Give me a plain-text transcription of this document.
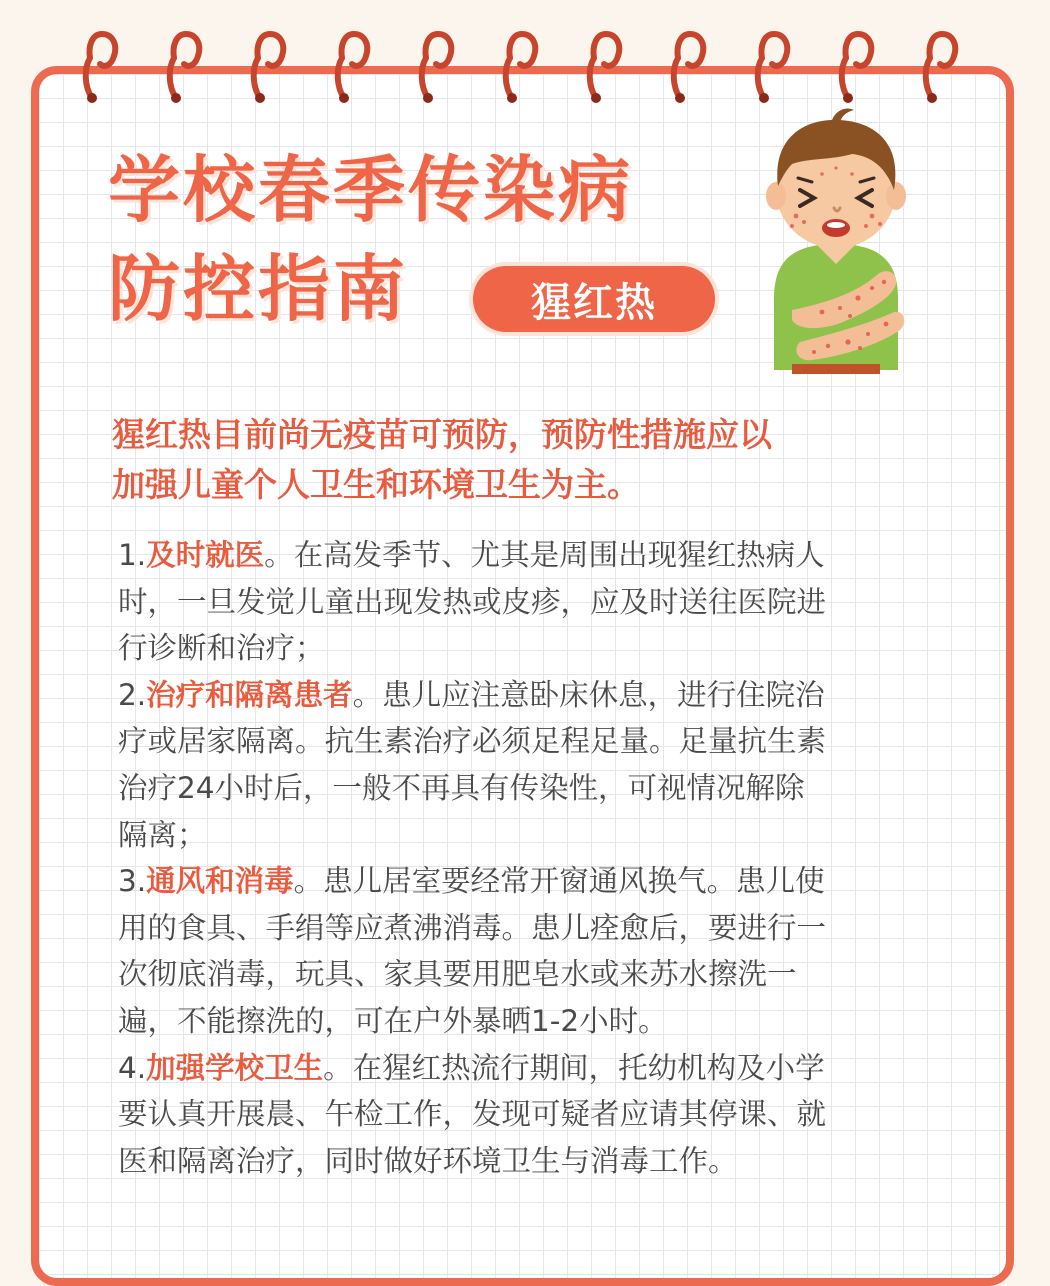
学校春季传染病
防控指南	猩红热
猩红热目前尚无疫苗可预防，预防性措施应以
加强儿童个人卫生和环境卫生为主。
1.及时就医。在高发季节、尤其是周围出现猩红热病人
时，一旦发觉儿童出现发热或皮疹，应及时送往医院进
行诊断和治疗；
2.治疗和隔离患者。患儿应注意卧床休息，进行住院治
疗或居家隔离。抗生素治疗必须足程足量。足量抗生素
治疗24小时后，一般不再具有传染性，可视情况解除
隔离；
3.通风和消毒。患儿居室要经常开窗通风换气。患儿使
用的食具、手绢等应煮沸消毒。患儿痊愈后，要进行一
次彻底消毒，玩具、家具要用肥皂水或来苏水擦洗一
遍，不能擦洗的，可在户外暴晒1-2小时。
4.加强学校卫生。在猩红热流行期间，托幼机构及小学
要认真开展晨、午检工作，发现可疑者应请其停课、就
医和隔离治疗，同时做好环境卫生与消毒工作。
